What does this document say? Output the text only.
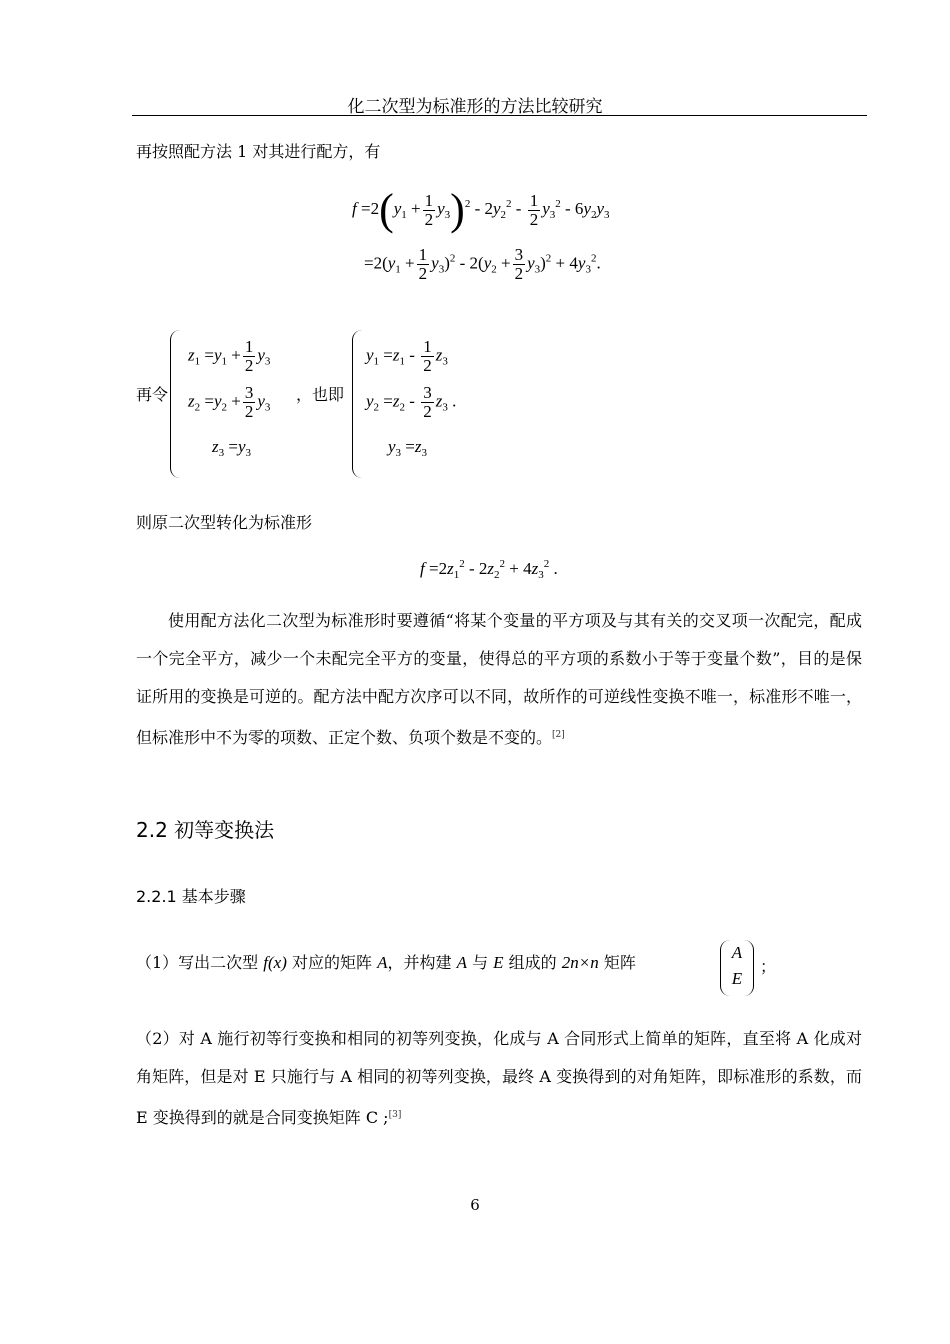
化二次型为标准形的方法比较研究
再按照配方法 1 对其进行配方，有
$f =2(y_1 + \frac{1}{2} y_3)^2 - 2y_2^2 - \frac{1}{2} y_3^2 - 6y_2y_3$
$=2(y_1 + \frac{1}{2} y_3)^2 - 2(y_2 + \frac{3}{2} y_3)^2 + 4y_3^2$.
再令
$z_1 =y_1 + \frac{1}{2} y_3$
$z_2 =y_2 + \frac{3}{2} y_3$
$z_3 =y_3$
，也即
$y_1 =z_1 - \frac{1}{2} z_3$
$y_2 =z_2 - \frac{3}{2} z_3$ .
$y_3 =z_3$
则原二次型转化为标准形
$f =2z_1^2 - 2z_2^2 + 4z_3^2$ .
使用配方法化二次型为标准形时要遵循“将某个变量的平方项及与其有关的交叉项一次配完，配成一个完全平方，减少一个未配完全平方的变量，使得总的平方项的系数小于等于变量个数”，目的是保证所用的变换是可逆的。配方法中配方次序可以不同，故所作的可逆线性变换不唯一，标准形不唯一，但标准形中不为零的项数、正定个数、负项个数是不变的。[2]
2.2 初等变换法
2.2.1 基本步骤
（1）写出二次型 f(x) 对应的矩阵 A，并构建 A 与 E 组成的 2n×n 矩阵
A
E
；
（2）对 A 施行初等行变换和相同的初等列变换，化成与 A 合同形式上简单的矩阵，直至将 A 化成对角矩阵，但是对 E 只施行与 A 相同的初等列变换，最终 A 变换得到的对角矩阵，即标准形的系数，而 E 变换得到的就是合同变换矩阵 C ;[3]
6
